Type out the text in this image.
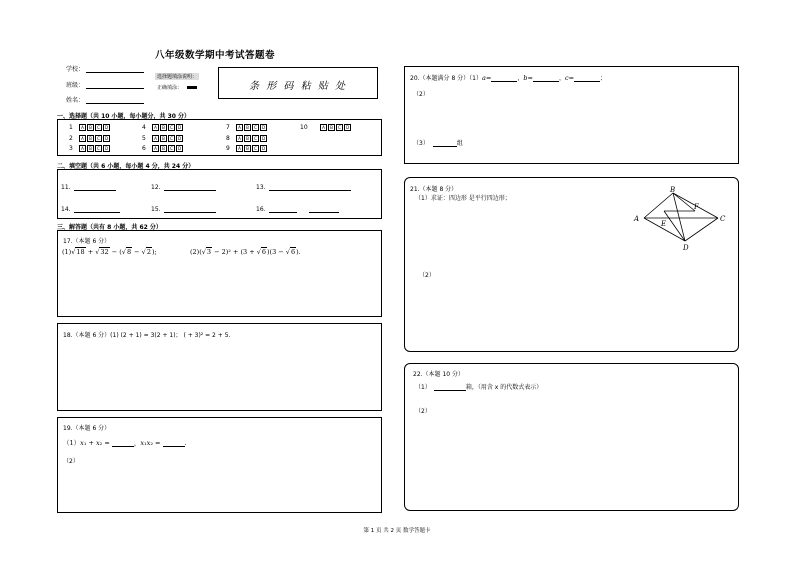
八年级数学期中考试答题卷
学校：
班级：
姓名：
选择题填涂说明：
正确填涂：	条 形 码 粘 贴 处
一、选择题（共 10 小题，每小题分，共 30 分）
1 A B C D
2 A B C D
3 A B C D
4 A B C D
5 A B C D
6 A B C D
7 A B C D
8 A B C D
9 A B C D
10	A B C D
二、填空题（共 6 小题，每小题 4 分，共 24 分）
11.	12.	13.
14.	15.	16.
三、解答题（共有 8 小题，共 62 分）
17.（本题 6 分）
(1)√18 + √32 − (√8 − √2);	(2)(√3 − 2)² + (3 + √6)(3 − √6).
18.（本题 6 分）(1) (2 + 1) = 3(2 + 1)； ( + 3)² = 2 + 5.
19.（本题 6 分）
（1）x₁ + x₂ =	，x₁x₂ =	.
（2）
20.（本题满分 8 分）（1）a=	，b=	，c=	；
（2）
（3）	组
21.（本题 8 分）
（1）求证：四边形 是平行四边形；
（2）
A
B
C
D
E
F
22.（本题 10 分）
（1）	箱，（用含 x 的代数式表示）
（2）
第 1 页 共 2 页 数学答题卡
